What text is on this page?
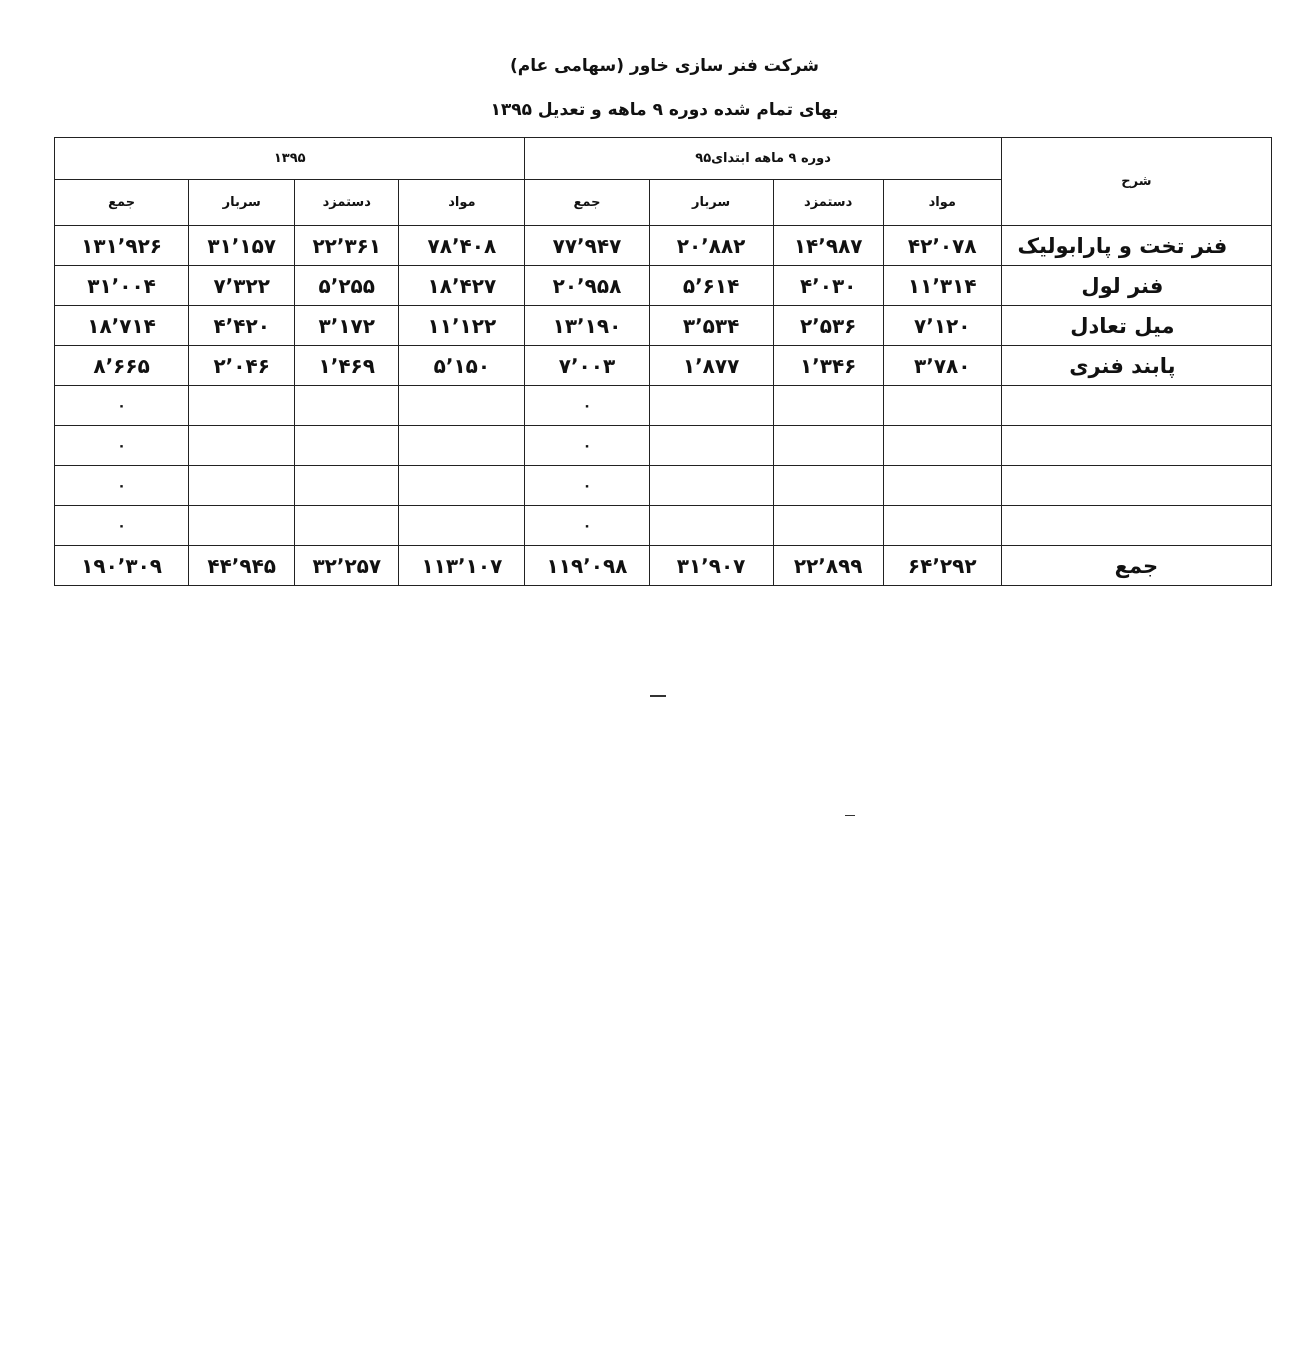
شرکت فنر سازی خاور (سهامی عام)
بهای تمام شده دوره ۹ ماهه و تعدیل ۱۳۹۵
شرح	دوره ۹ ماهه ابتدای۹۵				۱۳۹۵			
	مواد	دستمزد	سربار	جمع	مواد	دستمزد	سربار	جمع
فنر تخت و پارابولیک	۴۲٬۰۷۸	۱۴٬۹۸۷	۲۰٬۸۸۲	۷۷٬۹۴۷	۷۸٬۴۰۸	۲۲٬۳۶۱	۳۱٬۱۵۷	۱۳۱٬۹۲۶
فنر لول	۱۱٬۳۱۴	۴٬۰۳۰	۵٬۶۱۴	۲۰٬۹۵۸	۱۸٬۴۲۷	۵٬۲۵۵	۷٬۳۲۲	۳۱٬۰۰۴
میل تعادل	۷٬۱۲۰	۲٬۵۳۶	۳٬۵۳۴	۱۳٬۱۹۰	۱۱٬۱۲۲	۳٬۱۷۲	۴٬۴۲۰	۱۸٬۷۱۴
پابند فنری	۳٬۷۸۰	۱٬۳۴۶	۱٬۸۷۷	۷٬۰۰۳	۵٬۱۵۰	۱٬۴۶۹	۲٬۰۴۶	۸٬۶۶۵
				۰				۰
				۰				۰
				۰				۰
				۰				۰
جمع	۶۴٬۲۹۲	۲۲٬۸۹۹	۳۱٬۹۰۷	۱۱۹٬۰۹۸	۱۱۳٬۱۰۷	۳۲٬۲۵۷	۴۴٬۹۴۵	۱۹۰٬۳۰۹
